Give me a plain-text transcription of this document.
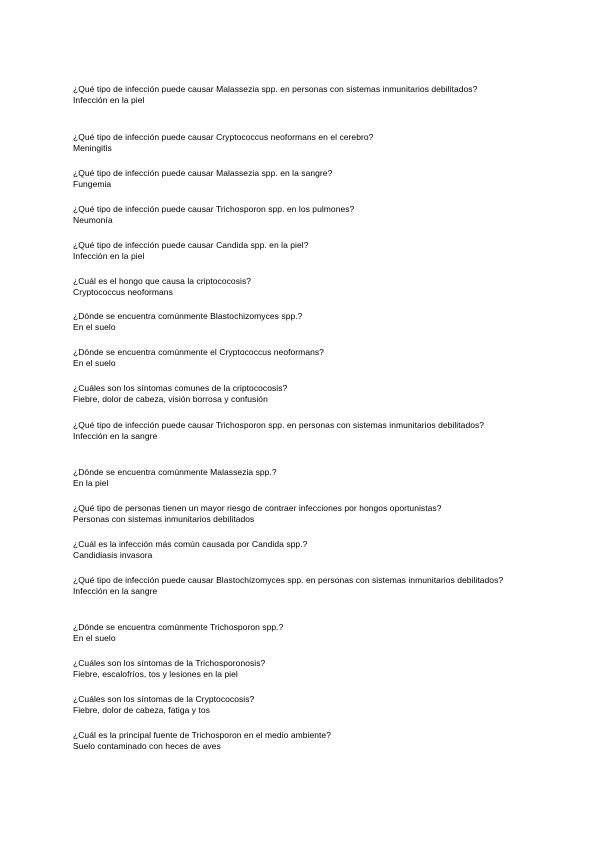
¿Qué tipo de infección puede causar Malassezia spp. en personas con sistemas inmunitarios debilitados?
Infección en la piel
¿Qué tipo de infección puede causar Cryptococcus neoformans en el cerebro?
Meningitis
¿Qué tipo de infección puede causar Malassezia spp. en la sangre?
Fungemia
¿Qué tipo de infección puede causar Trichosporon spp. en los pulmones?
Neumonía
¿Qué tipo de infección puede causar Candida spp. en la piel?
Infección en la piel
¿Cuál es el hongo que causa la criptococosis?
Cryptococcus neoformans
¿Dónde se encuentra comúnmente Blastochizomyces spp.?
En el suelo
¿Dónde se encuentra comúnmente el Cryptococcus neoformans?
En el suelo
¿Cuáles son los síntomas comunes de la criptococosis?
Fiebre, dolor de cabeza, visión borrosa y confusión
¿Qué tipo de infección puede causar Trichosporon spp. en personas con sistemas inmunitarios debilitados?
Infección en la sangre
¿Dónde se encuentra comúnmente Malassezia spp.?
En la piel
¿Qué tipo de personas tienen un mayor riesgo de contraer infecciones por hongos oportunistas?
Personas con sistemas inmunitarios debilitados
¿Cuál es la infección más común causada por Candida spp.?
Candidiasis invasora
¿Qué tipo de infección puede causar Blastochizomyces spp. en personas con sistemas inmunitarios debilitados?
Infección en la sangre
¿Dónde se encuentra comúnmente Trichosporon spp.?
En el suelo
¿Cuáles son los síntomas de la Trichosporonosis?
Fiebre, escalofríos, tos y lesiones en la piel
¿Cuáles son los síntomas de la Cryptococosis?
Fiebre, dolor de cabeza, fatiga y tos
¿Cuál es la principal fuente de Trichosporon en el medio ambiente?
Suelo contaminado con heces de aves
